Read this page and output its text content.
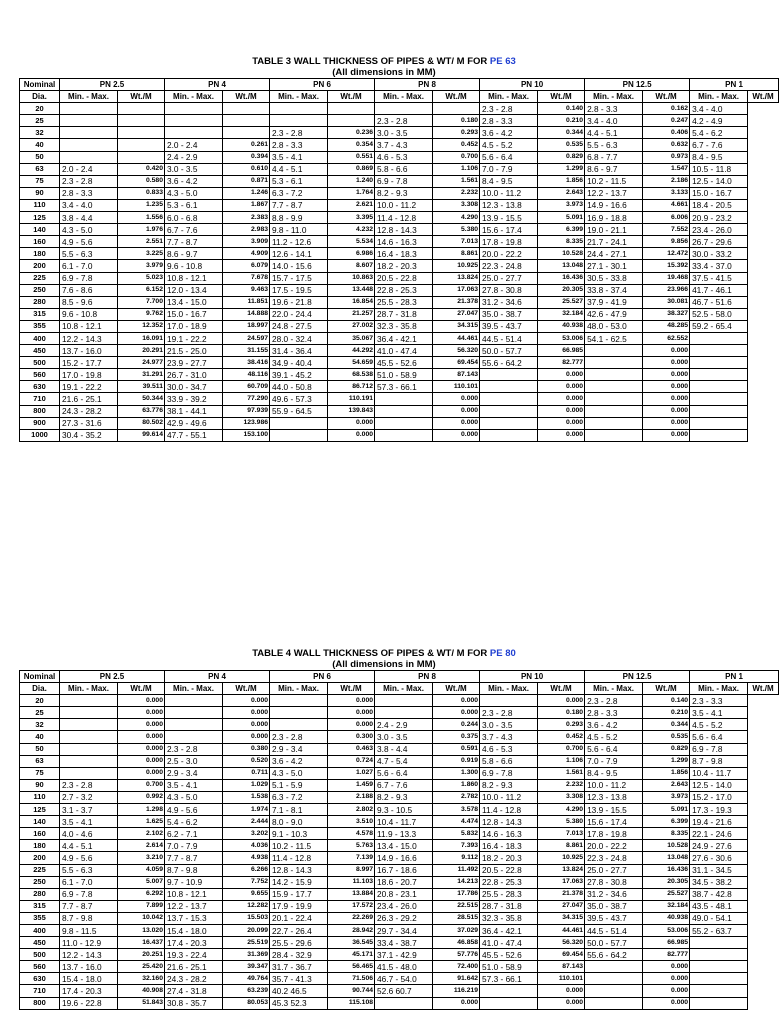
TABLE 3 WALL THICKNESS OF PIPES & WT/ M FOR PE 63
(All dimensions in MM)
Nominal	PN 2.5		PN 4		PN 6		PN 8		PN 10		PN 12.5		PN 1	
Dia.	Min. - Max.	Wt./M	Min. - Max.	Wt./M	Min. - Max.	Wt./M	Min. - Max.	Wt./M	Min. - Max.	Wt./M	Min. - Max.	Wt./M	Min. - Max.	Wt./M
20									2.3 - 2.8	0.140	2.8 - 3.3	0.162	3.4 - 4.0	
25							2.3 - 2.8	0.180	2.8 - 3.3	0.210	3.4 - 4.0	0.247	4.2 - 4.9	
32					2.3 - 2.8	0.236	3.0 - 3.5	0.293	3.6 - 4.2	0.344	4.4 - 5.1	0.406	5.4 - 6.2	
40			2.0 - 2.4	0.261	2.8 - 3.3	0.354	3.7 - 4.3	0.452	4.5 - 5.2	0.535	5.5 - 6.3	0.632	6.7 - 7.6	
50			2.4 - 2.9	0.394	3.5 - 4.1	0.551	4.6 - 5.3	0.700	5.6 - 6.4	0.829	6.8 - 7.7	0.973	8.4 - 9.5	
63	2.0 - 2.4	0.420	3.0 - 3.5	0.610	4.4 - 5.1	0.869	5.8 - 6.6	1.106	7.0 - 7.9	1.299	8.6 - 9.7	1.547	10.5 - 11.8	
75	2.3 - 2.8	0.580	3.6 - 4.2	0.871	5.3 - 6.1	1.240	6.9 - 7.8	1.561	8.4 - 9.5	1.856	10.2 - 11.5	2.186	12.5 - 14.0	
90	2.8 - 3.3	0.833	4.3 - 5.0	1.246	6.3 - 7.2	1.764	8.2 - 9.3	2.232	10.0 - 11.2	2.643	12.2 - 13.7	3.133	15.0 - 16.7	
110	3.4 - 4.0	1.235	5.3 - 6.1	1.867	7.7 - 8.7	2.621	10.0 - 11.2	3.308	12.3 - 13.8	3.973	14.9 - 16.6	4.661	18.4 - 20.5	
125	3.8 - 4.4	1.556	6.0 - 6.8	2.383	8.8 - 9.9	3.395	11.4 - 12.8	4.290	13.9 - 15.5	5.091	16.9 - 18.8	6.006	20.9 - 23.2	
140	4.3 - 5.0	1.976	6.7 - 7.6	2.983	9.8 - 11.0	4.232	12.8 - 14.3	5.380	15.6 - 17.4	6.399	19.0 - 21.1	7.552	23.4 - 26.0	
160	4.9 - 5.6	2.551	7.7 - 8.7	3.909	11.2 - 12.6	5.534	14.6 - 16.3	7.013	17.8 - 19.8	8.335	21.7 - 24.1	9.856	26.7 - 29.6	
180	5.5 - 6.3	3.225	8.6 - 9.7	4.909	12.6 - 14.1	6.986	16.4 - 18.3	8.861	20.0 - 22.2	10.528	24.4 - 27.1	12.472	30.0 - 33.2	
200	6.1 - 7.0	3.979	9.6 - 10.8	6.079	14.0 - 15.6	8.607	18.2 - 20.3	10.925	22.3 - 24.8	13.048	27.1 - 30.1	15.392	33.4 - 37.0	
225	6.9 - 7.8	5.023	10.8 - 12.1	7.678	15.7 - 17.5	10.863	20.5 - 22.8	13.824	25.0 - 27.7	16.436	30.5 - 33.8	19.468	37.5 - 41.5	
250	7.6 - 8.6	6.152	12.0 - 13.4	9.463	17.5 - 19.5	13.448	22.8 - 25.3	17.063	27.8 - 30.8	20.305	33.8 - 37.4	23.966	41.7 - 46.1	
280	8.5 - 9.6	7.700	13.4 - 15.0	11.851	19.6 - 21.8	16.854	25.5 - 28.3	21.378	31.2 - 34.6	25.527	37.9 - 41.9	30.081	46.7 - 51.6	
315	9.6 - 10.8	9.762	15.0 - 16.7	14.888	22.0 - 24.4	21.257	28.7 - 31.8	27.047	35.0 - 38.7	32.184	42.6 - 47.9	38.327	52.5 - 58.0	
355	10.8 - 12.1	12.352	17.0 - 18.9	18.997	24.8 - 27.5	27.002	32.3 - 35.8	34.315	39.5 - 43.7	40.938	48.0 - 53.0	48.285	59.2 - 65.4	
400	12.2 - 14.3	16.091	19.1 - 22.2	24.597	28.0 - 32.4	35.067	36.4 - 42.1	44.461	44.5 - 51.4	53.006	54.1 - 62.5	62.552		
450	13.7 - 16.0	20.291	21.5 - 25.0	31.155	31.4 - 36.4	44.292	41.0 - 47.4	56.320	50.0 - 57.7	66.985		0.000		
500	15.2 - 17.7	24.977	23.9 - 27.7	38.416	34.9 - 40.4	54.659	45.5 - 52.6	69.454	55.6 - 64.2	82.777		0.000		
560	17.0 - 19.8	31.291	26.7 - 31.0	48.116	39.1 - 45.2	68.538	51.0 - 58.9	87.143		0.000		0.000		
630	19.1 - 22.2	39.511	30.0 - 34.7	60.709	44.0 - 50.8	86.712	57.3 - 66.1	110.101		0.000		0.000		
710	21.6 - 25.1	50.344	33.9 - 39.2	77.290	49.6 - 57.3	110.191		0.000		0.000		0.000		
800	24.3 - 28.2	63.776	38.1 - 44.1	97.939	55.9 - 64.5	139.843		0.000		0.000		0.000		
900	27.3 - 31.6	80.502	42.9 - 49.6	123.986		0.000		0.000		0.000		0.000		
1000	30.4 - 35.2	99.614	47.7 - 55.1	153.100		0.000		0.000		0.000		0.000		
TABLE 4 WALL THICKNESS OF PIPES & WT/ M FOR PE 80
(All dimensions in MM)
Nominal	PN 2.5		PN 4		PN 6		PN 8		PN 10		PN 12.5		PN 1	
Dia.	Min. - Max.	Wt./M	Min. - Max.	Wt./M	Min. - Max.	Wt./M	Min. - Max.	Wt./M	Min. - Max.	Wt./M	Min. - Max.	Wt./M	Min. - Max.	Wt./M
20		0.000		0.000		0.000		0.000		0.000	2.3 - 2.8	0.140	2.3 - 3.3	
25		0.000		0.000		0.000		0.000	2.3 - 2.8	0.180	2.8 - 3.3	0.210	3.5 - 4.1	
32		0.000		0.000		0.000	2.4 - 2.9	0.244	3.0 - 3.5	0.293	3.6 - 4.2	0.344	4.5 - 5.2	
40		0.000		0.000	2.3 - 2.8	0.300	3.0 - 3.5	0.375	3.7 - 4.3	0.452	4.5 - 5.2	0.535	5.6 - 6.4	
50		0.000	2.3 - 2.8	0.380	2.9 - 3.4	0.463	3.8 - 4.4	0.591	4.6 - 5.3	0.700	5.6 - 6.4	0.829	6.9 - 7.8	
63		0.000	2.5 - 3.0	0.520	3.6 - 4.2	0.724	4.7 - 5.4	0.919	5.8 - 6.6	1.106	7.0 - 7.9	1.299	8.7 - 9.8	
75		0.000	2.9 - 3.4	0.711	4.3 - 5.0	1.027	5.6 - 6.4	1.300	6.9 - 7.8	1.561	8.4 - 9.5	1.856	10.4 - 11.7	
90	2.3 - 2.8	0.700	3.5 - 4.1	1.029	5.1 - 5.9	1.459	6.7 - 7.6	1.860	8.2 - 9.3	2.232	10.0 - 11.2	2.643	12.5 - 14.0	
110	2.7 - 3.2	0.992	4.3 - 5.0	1.538	6.3 - 7.2	2.188	8.2 - 9.3	2.782	10.0 - 11.2	3.308	12.3 - 13.8	3.973	15.2 - 17.0	
125	3.1 - 3.7	1.298	4.9 - 5.6	1.974	7.1 - 8.1	2.802	9.3 - 10.5	3.578	11.4 - 12.8	4.290	13.9 - 15.5	5.091	17.3 - 19.3	
140	3.5 - 4.1	1.625	5.4 - 6.2	2.444	8.0 - 9.0	3.510	10.4 - 11.7	4.474	12.8 - 14.3	5.380	15.6 - 17.4	6.399	19.4 - 21.6	
160	4.0 - 4.6	2.102	6.2 - 7.1	3.202	9.1 - 10.3	4.578	11.9 - 13.3	5.832	14.6 - 16.3	7.013	17.8 - 19.8	8.335	22.1 - 24.6	
180	4.4 - 5.1	2.614	7.0 - 7.9	4.036	10.2 - 11.5	5.763	13.4 - 15.0	7.393	16.4 - 18.3	8.861	20.0 - 22.2	10.528	24.9 - 27.6	
200	4.9 - 5.6	3.210	7.7 - 8.7	4.938	11.4 - 12.8	7.139	14.9 - 16.6	9.112	18.2 - 20.3	10.925	22.3 - 24.8	13.048	27.6 - 30.6	
225	5.5 - 6.3	4.059	8.7 - 9.8	6.266	12.8 - 14.3	8.997	16.7 - 18.6	11.492	20.5 - 22.8	13.824	25.0 - 27.7	16.436	31.1 - 34.5	
250	6.1 - 7.0	5.007	9.7 - 10.9	7.752	14.2 - 15.9	11.103	18.6 - 20.7	14.213	22.8 - 25.3	17.063	27.8 - 30.8	20.305	34.5 - 38.2	
280	6.9 - 7.8	6.292	10.8 - 12.1	9.655	15.9 - 17.7	13.884	20.8 - 23.1	17.786	25.5 - 28.3	21.378	31.2 - 34.6	25.527	38.7 - 42.8	
315	7.7 - 8.7	7.899	12.2 - 13.7	12.282	17.9 - 19.9	17.572	23.4 - 26.0	22.515	28.7 - 31.8	27.047	35.0 - 38.7	32.184	43.5 - 48.1	
355	8.7 - 9.8	10.042	13.7 - 15.3	15.503	20.1 - 22.4	22.269	26.3 - 29.2	28.515	32.3 - 35.8	34.315	39.5 - 43.7	40.938	49.0 - 54.1	
400	9.8 - 11.5	13.020	15.4 - 18.0	20.099	22.7 - 26.4	28.942	29.7 - 34.4	37.029	36.4 - 42.1	44.461	44.5 - 51.4	53.006	55.2 - 63.7	
450	11.0 - 12.9	16.437	17.4 - 20.3	25.519	25.5 - 29.6	36.545	33.4 - 38.7	46.858	41.0 - 47.4	56.320	50.0 - 57.7	66.985		
500	12.2 - 14.3	20.251	19.3 - 22.4	31.369	28.4 - 32.9	45.171	37.1 - 42.9	57.776	45.5 - 52.6	69.454	55.6 - 64.2	82.777		
560	13.7 - 16.0	25.420	21.6 - 25.1	39.347	31.7 - 36.7	56.465	41.5 - 48.0	72.400	51.0 - 58.9	87.143		0.000		
630	15.4 - 18.0	32.160	24.3 - 28.2	49.764	35.7 - 41.3	71.506	46.7 - 54.0	91.642	57.3 - 66.1	110.101		0.000		
710	17.4 - 20.3	40.908	27.4 - 31.8	63.239	40.2 46.5	90.744	52.6 60.7	116.219		0.000		0.000		
800	19.6 - 22.8	51.843	30.8 - 35.7	80.053	45.3 52.3	115.108		0.000		0.000		0.000		
